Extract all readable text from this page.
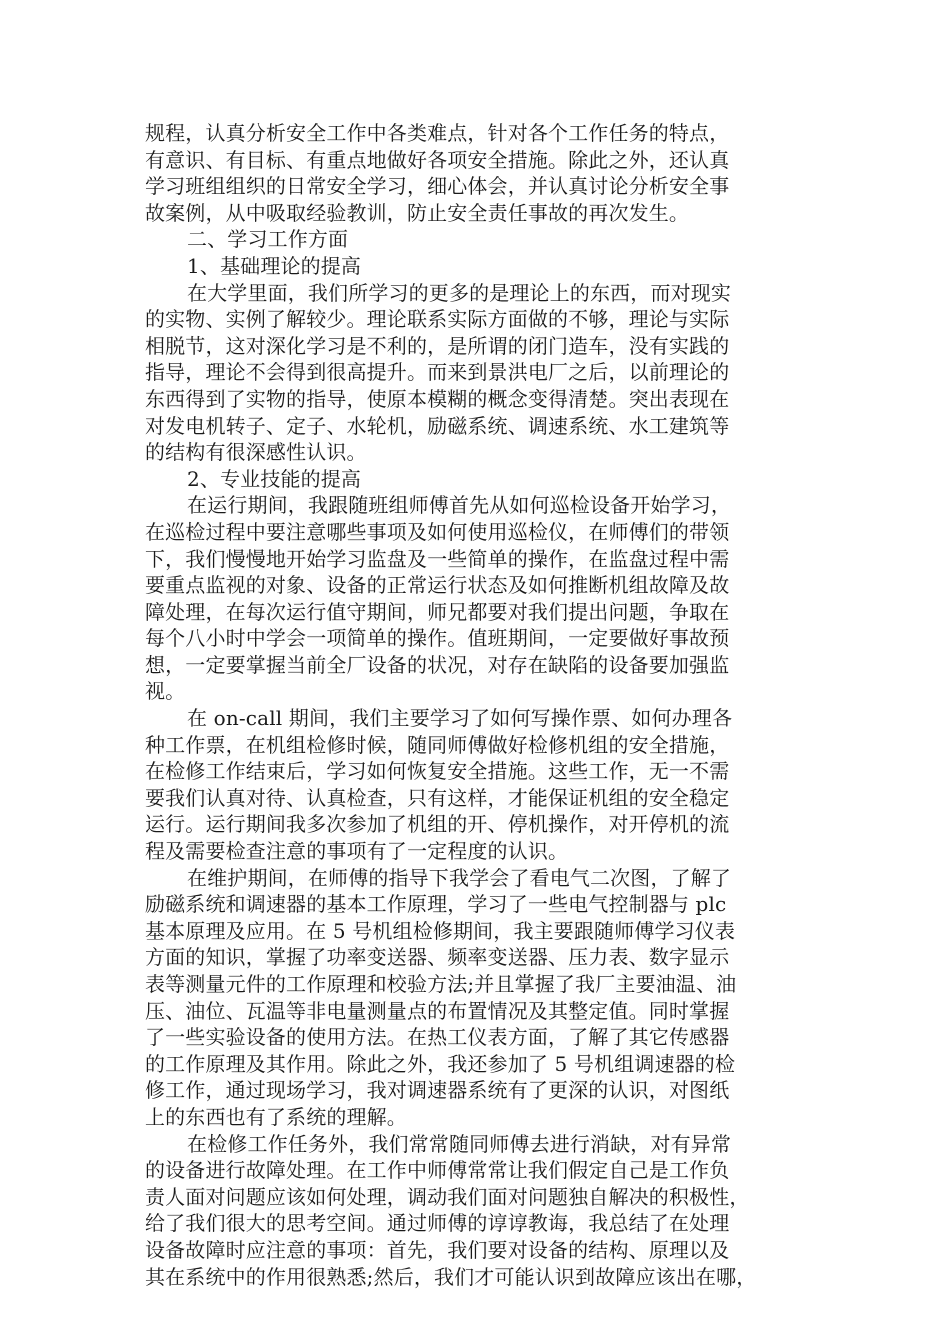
规程，认真分析安全工作中各类难点，针对各个工作任务的特点，
有意识、有目标、有重点地做好各项安全措施。除此之外，还认真
学习班组组织的日常安全学习，细心体会，并认真讨论分析安全事
故案例，从中吸取经验教训，防止安全责任事故的再次发生。
二、学习工作方面
1、基础理论的提高
在大学里面，我们所学习的更多的是理论上的东西，而对现实
的实物、实例了解较少。理论联系实际方面做的不够，理论与实际
相脱节，这对深化学习是不利的，是所谓的闭门造车，没有实践的
指导，理论不会得到很高提升。而来到景洪电厂之后，以前理论的
东西得到了实物的指导，使原本模糊的概念变得清楚。突出表现在
对发电机转子、定子、水轮机，励磁系统、调速系统、水工建筑等
的结构有很深感性认识。
2、专业技能的提高
在运行期间，我跟随班组师傅首先从如何巡检设备开始学习，
在巡检过程中要注意哪些事项及如何使用巡检仪，在师傅们的带领
下，我们慢慢地开始学习监盘及一些简单的操作，在监盘过程中需
要重点监视的对象、设备的正常运行状态及如何推断机组故障及故
障处理，在每次运行值守期间，师兄都要对我们提出问题，争取在
每个八小时中学会一项简单的操作。值班期间，一定要做好事故预
想，一定要掌握当前全厂设备的状况，对存在缺陷的设备要加强监
视。
在 on-call 期间，我们主要学习了如何写操作票、如何办理各
种工作票，在机组检修时候，随同师傅做好检修机组的安全措施，
在检修工作结束后，学习如何恢复安全措施。这些工作，无一不需
要我们认真对待、认真检查，只有这样，才能保证机组的安全稳定
运行。运行期间我多次参加了机组的开、停机操作，对开停机的流
程及需要检查注意的事项有了一定程度的认识。
在维护期间，在师傅的指导下我学会了看电气二次图，了解了
励磁系统和调速器的基本工作原理，学习了一些电气控制器与 plc
基本原理及应用。在 5 号机组检修期间，我主要跟随师傅学习仪表
方面的知识，掌握了功率变送器、频率变送器、压力表、数字显示
表等测量元件的工作原理和校验方法;并且掌握了我厂主要油温、油
压、油位、瓦温等非电量测量点的布置情况及其整定值。同时掌握
了一些实验设备的使用方法。在热工仪表方面，了解了其它传感器
的工作原理及其作用。除此之外，我还参加了 5 号机组调速器的检
修工作，通过现场学习，我对调速器系统有了更深的认识，对图纸
上的东西也有了系统的理解。
在检修工作任务外，我们常常随同师傅去进行消缺，对有异常
的设备进行故障处理。在工作中师傅常常让我们假定自己是工作负
责人面对问题应该如何处理，调动我们面对问题独自解决的积极性，
给了我们很大的思考空间。通过师傅的谆谆教诲，我总结了在处理
设备故障时应注意的事项：首先，我们要对设备的结构、原理以及
其在系统中的作用很熟悉;然后，我们才可能认识到故障应该出在哪，
